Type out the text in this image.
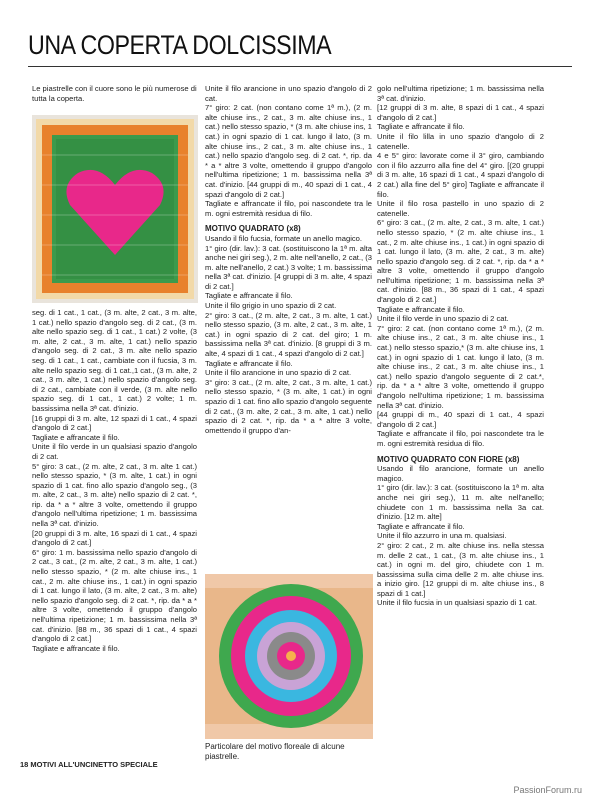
UNA COPERTA DOLCISSIMA

Le piastrelle con il cuore sono le più numerose di tutta la coperta.

seg. di 1 cat., 1 cat., (3 m. alte, 2 cat., 3 m. alte, 1 cat.) nello spazio d'angolo seg. di 2 cat., (3 m. alte nello spazio seg. di 1 cat., 1 cat.) 2 volte, (3 m. alte, 2 cat., 3 m. alte, 1 cat.) nello spazio d'angolo seg. di 2 cat., 3 m. alte nello spazio seg. di 1 cat., 1 cat., cambiate con il fucsia, 3 m. alte nello spazio seg. di 1 cat.,1 cat., (3 m. alte, 2 cat., 3 m. alte, 1 cat.) nello spazio d'angolo seg. di 2 cat., cambiate con il verde, (3 m. alte nello spazio seg. di 1 cat., 1 cat.) 2 volte; 1 m. bassissima nella 3ª cat. d'inizio.

[16 gruppi di 3 m. alte, 12 spazi di 1 cat., 4 spazi d'angolo di 2 cat.]

Tagliate e affrancate il filo.

Unite il filo verde in un qualsiasi spazio d'angolo di 2 cat.

5° giro: 3 cat., (2 m. alte, 2 cat., 3 m. alte 1 cat.) nello stesso spazio, * (3 m. alte, 1 cat.) in ogni spazio di 1 cat. fino allo spazio d'angolo seg., (3 m. alte, 2 cat., 3 m. alte) nello spazio di 2 cat. *, rip. da * a * altre 3 volte, omettendo il gruppo d'angolo nell'ultima ripetizione; 1 m. bassissima nella 3ª cat. d'inizio.

[20 gruppi di 3 m. alte, 16 spazi di 1 cat., 4 spazi d'angolo di 2 cat.]

6° giro: 1 m. bassissima nello spazio d'angolo di 2 cat., 3 cat., (2 m. alte, 2 cat., 3 m. alte, 1 cat.) nello stesso spazio, * (2 m. alte chiuse ins., 1 cat., 2 m. alte chiuse ins., 1 cat.) in ogni spazio di 1 cat. lungo il lato, (3 m. alte, 2 cat., 3 m. alte) nello spazio d'angolo seg. di 2 cat. *, rip. da * a * altre 3 volte, omettendo il gruppo d'angolo nell'ultima ripetizione; 1 m. bassissima nella 3ª cat. d'inizio. [88 m., 36 spazi di 1 cat., 4 spazi d'angolo di 2 cat.]

Tagliate e affrancate il filo.

Unite il filo arancione in uno spazio d'angolo di 2 cat.

7° giro: 2 cat. (non contano come 1ª m.), (2 m. alte chiuse ins., 2 cat., 3 m. alte chiuse ins., 1 cat.) nello stesso spazio, * (3 m. alte chiuse ins, 1 cat.) in ogni spazio di 1 cat. lungo il lato, (3 m. alte chiuse ins., 2 cat., 3 m. alte chiuse ins., 1 cat.) nello spazio d'angolo seg. di 2 cat. *, rip. da * a * altre 3 volte, omettendo il gruppo d'angolo nell'ultima ripetizione; 1 m. bassissima nella 3ª cat. d'inizio. [44 gruppi di m., 40 spazi di 1 cat., 4 spazi d'angolo di 2 cat.]

Tagliate e affrancate il filo, poi nascondete tra le m. ogni estremità residua di filo.

MOTIVO QUADRATO (x8)

Usando il filo fucsia, formate un anello magico.

1° giro (dir. lav.): 3 cat. (sostituiscono la 1ª m. alta anche nei giri seg.), 2 m. alte nell'anello, 2 cat., (3 m. alte nell'anello, 2 cat.) 3 volte; 1 m. bassissima nella 3ª cat. d'inizio. [4 gruppi di 3 m. alte, 4 spazi di 2 cat.]

Tagliate e affrancate il filo.

Unite il filo grigio in uno spazio di 2 cat.

2° giro: 3 cat., (2 m. alte, 2 cat., 3 m. alte, 1 cat.) nello stesso spazio, (3 m. alte, 2 cat., 3 m. alte, 1 cat.) in ogni spazio di 2 cat. del giro; 1 m. bassissima nella 3ª cat. d'inizio. [8 gruppi di 3 m. alte, 4 spazi di 1 cat., 4 spazi d'angolo di 2 cat.]

Tagliate e affrancate il filo.

Unite il filo arancione in uno spazio di 2 cat.

3° giro: 3 cat., (2 m. alte, 2 cat., 3 m. alte, 1 cat.) nello stesso spazio, * (3 m. alte, 1 cat.) in ogni spazio di 1 cat. fino allo spazio d'angolo seguente di 2 cat., (3 m. alte, 2 cat., 3 m. alte, 1 cat.) nello spazio di 2 cat. *, rip. da * a * altre 3 volte, omettendo il gruppo d'an-

Particolare del motivo floreale di alcune piastrelle.

golo nell'ultima ripetizione; 1 m. bassissima nella 3ª cat. d'inizio.

[12 gruppi di 3 m. alte, 8 spazi di 1 cat., 4 spazi d'angolo di 2 cat.]

Tagliate e affrancate il filo.

Unite il filo lilla in uno spazio d'angolo di 2 catenelle.

4 e 5° giro: lavorate come il 3° giro, cambiando con il filo azzurro alla fine del 4° giro. [(20 gruppi di 3 m. alte, 16 spazi di 1 cat., 4 spazi d'angolo di 2 cat.) alla fine del 5° giro] Tagliate e affrancate il filo.

Unite il filo rosa pastello in uno spazio di 2 catenelle.

6° giro: 3 cat., (2 m. alte, 2 cat., 3 m. alte, 1 cat.) nello stesso spazio, * (2 m. alte chiuse ins., 1 cat., 2 m. alte chiuse ins., 1 cat.) in ogni spazio di 1 cat. lungo il lato, (3 m. alte, 2 cat., 3 m. alte) nello spazio d'angolo seg. di 2 cat. *, rip. da * a * altre 3 volte, omettendo il gruppo d'angolo nell'ultima ripetizione; 1 m. bassissima nella 3ª cat. d'inizio. [88 m., 36 spazi di 1 cat., 4 spazi d'angolo di 2 cat.]

Tagliate e affrancate il filo.

Unite il filo verde in uno spazio di 2 cat.

7° giro: 2 cat. (non contano come 1ª m.), (2 m. alte chiuse ins., 2 cat., 3 m. alte chiuse ins., 1 cat.) nello stesso spazio,* (3 m. alte chiuse ins, 1 cat.) in ogni spazio di 1 cat. lungo il lato, (3 m. alte chiuse ins., 2 cat., 3 m. alte chiuse ins., 1 cat.) nello spazio d'angolo seguente di 2 cat.*, rip. da * a * altre 3 volte, omettendo il gruppo d'angolo nell'ultima ripetizione; 1 m. bassissima nella 3ª cat. d'inizio.

[44 gruppi di m., 40 spazi di 1 cat., 4 spazi d'angolo di 2 cat.]

Tagliate e affrancate il filo, poi nascondete tra le m. ogni estremità residua di filo.

MOTIVO QUADRATO CON FIORE (x8)

Usando il filo arancione, formate un anello magico.

1° giro (dir. lav.): 3 cat. (sostituiscono la 1ª m. alta anche nei giri seg.), 11 m. alte nell'anello; chiudete con 1 m. bassissima nella 3a cat. d'inizio. [12 m. alte]

Tagliate e affrancate il filo.

Unite il filo azzurro in una m. qualsiasi.

2° giro: 2 cat., 2 m. alte chiuse ins. nella stessa m. delle 2 cat., 1 cat., (3 m. alte chiuse ins., 1 cat.) in ogni m. del giro, chiudete con 1 m. bassissima sulla cima delle 2 m. alte chiuse ins. a inizio giro. [12 gruppi di m. alte chiuse ins., 8 spazi di 1 cat.]

Unite il filo fucsia in un qualsiasi spazio di 1 cat.

18 MOTIVI ALL'UNCINETTO SPECIALE
PassionForum.ru
